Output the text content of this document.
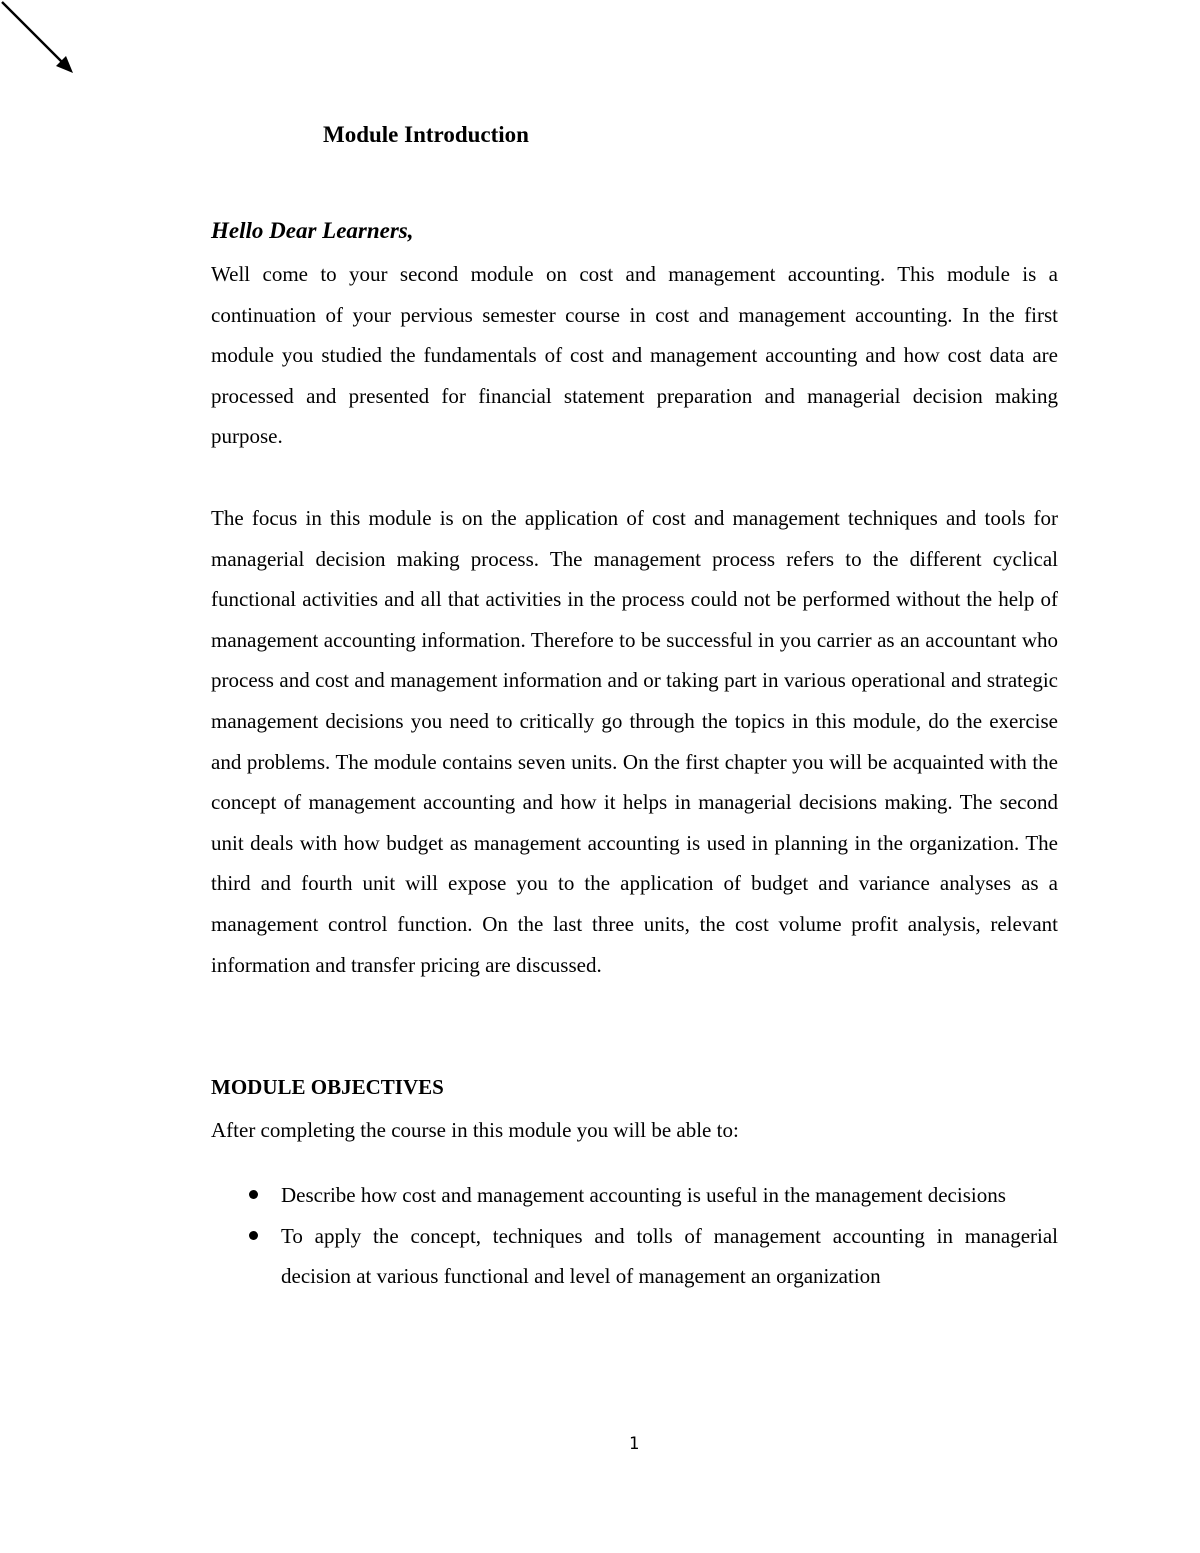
Module Introduction

Hello Dear Learners,

Well come to your second module on cost and management accounting. This module is a continuation of your pervious semester course in cost and management accounting. In the first module you studied the fundamentals of cost and management accounting and how cost data are processed and presented for financial statement preparation and managerial decision making purpose.

The focus in this module is on the application of cost and management techniques and tools for managerial decision making process. The management process refers to the different cyclical functional activities and all that activities in the process could not be performed without the help of management accounting information. Therefore to be successful in you carrier as an accountant who process and cost and management information and or taking part in various operational and strategic management decisions you need to critically go through the topics in this module, do the exercise and problems. The module contains seven units. On the first chapter you will be acquainted with the concept of management accounting and how it helps in managerial decisions making. The second unit deals with how budget as management accounting is used in planning in the organization. The third and fourth unit will expose you to the application of budget and variance analyses as a management control function. On the last three units, the cost volume profit analysis, relevant information and transfer pricing are discussed.

MODULE OBJECTIVES

After completing the course in this module you will be able to:

Describe how cost and management accounting is useful in the management decisions
To apply the concept, techniques and tolls of management accounting in managerial decision at various functional and level of management an organization

1
